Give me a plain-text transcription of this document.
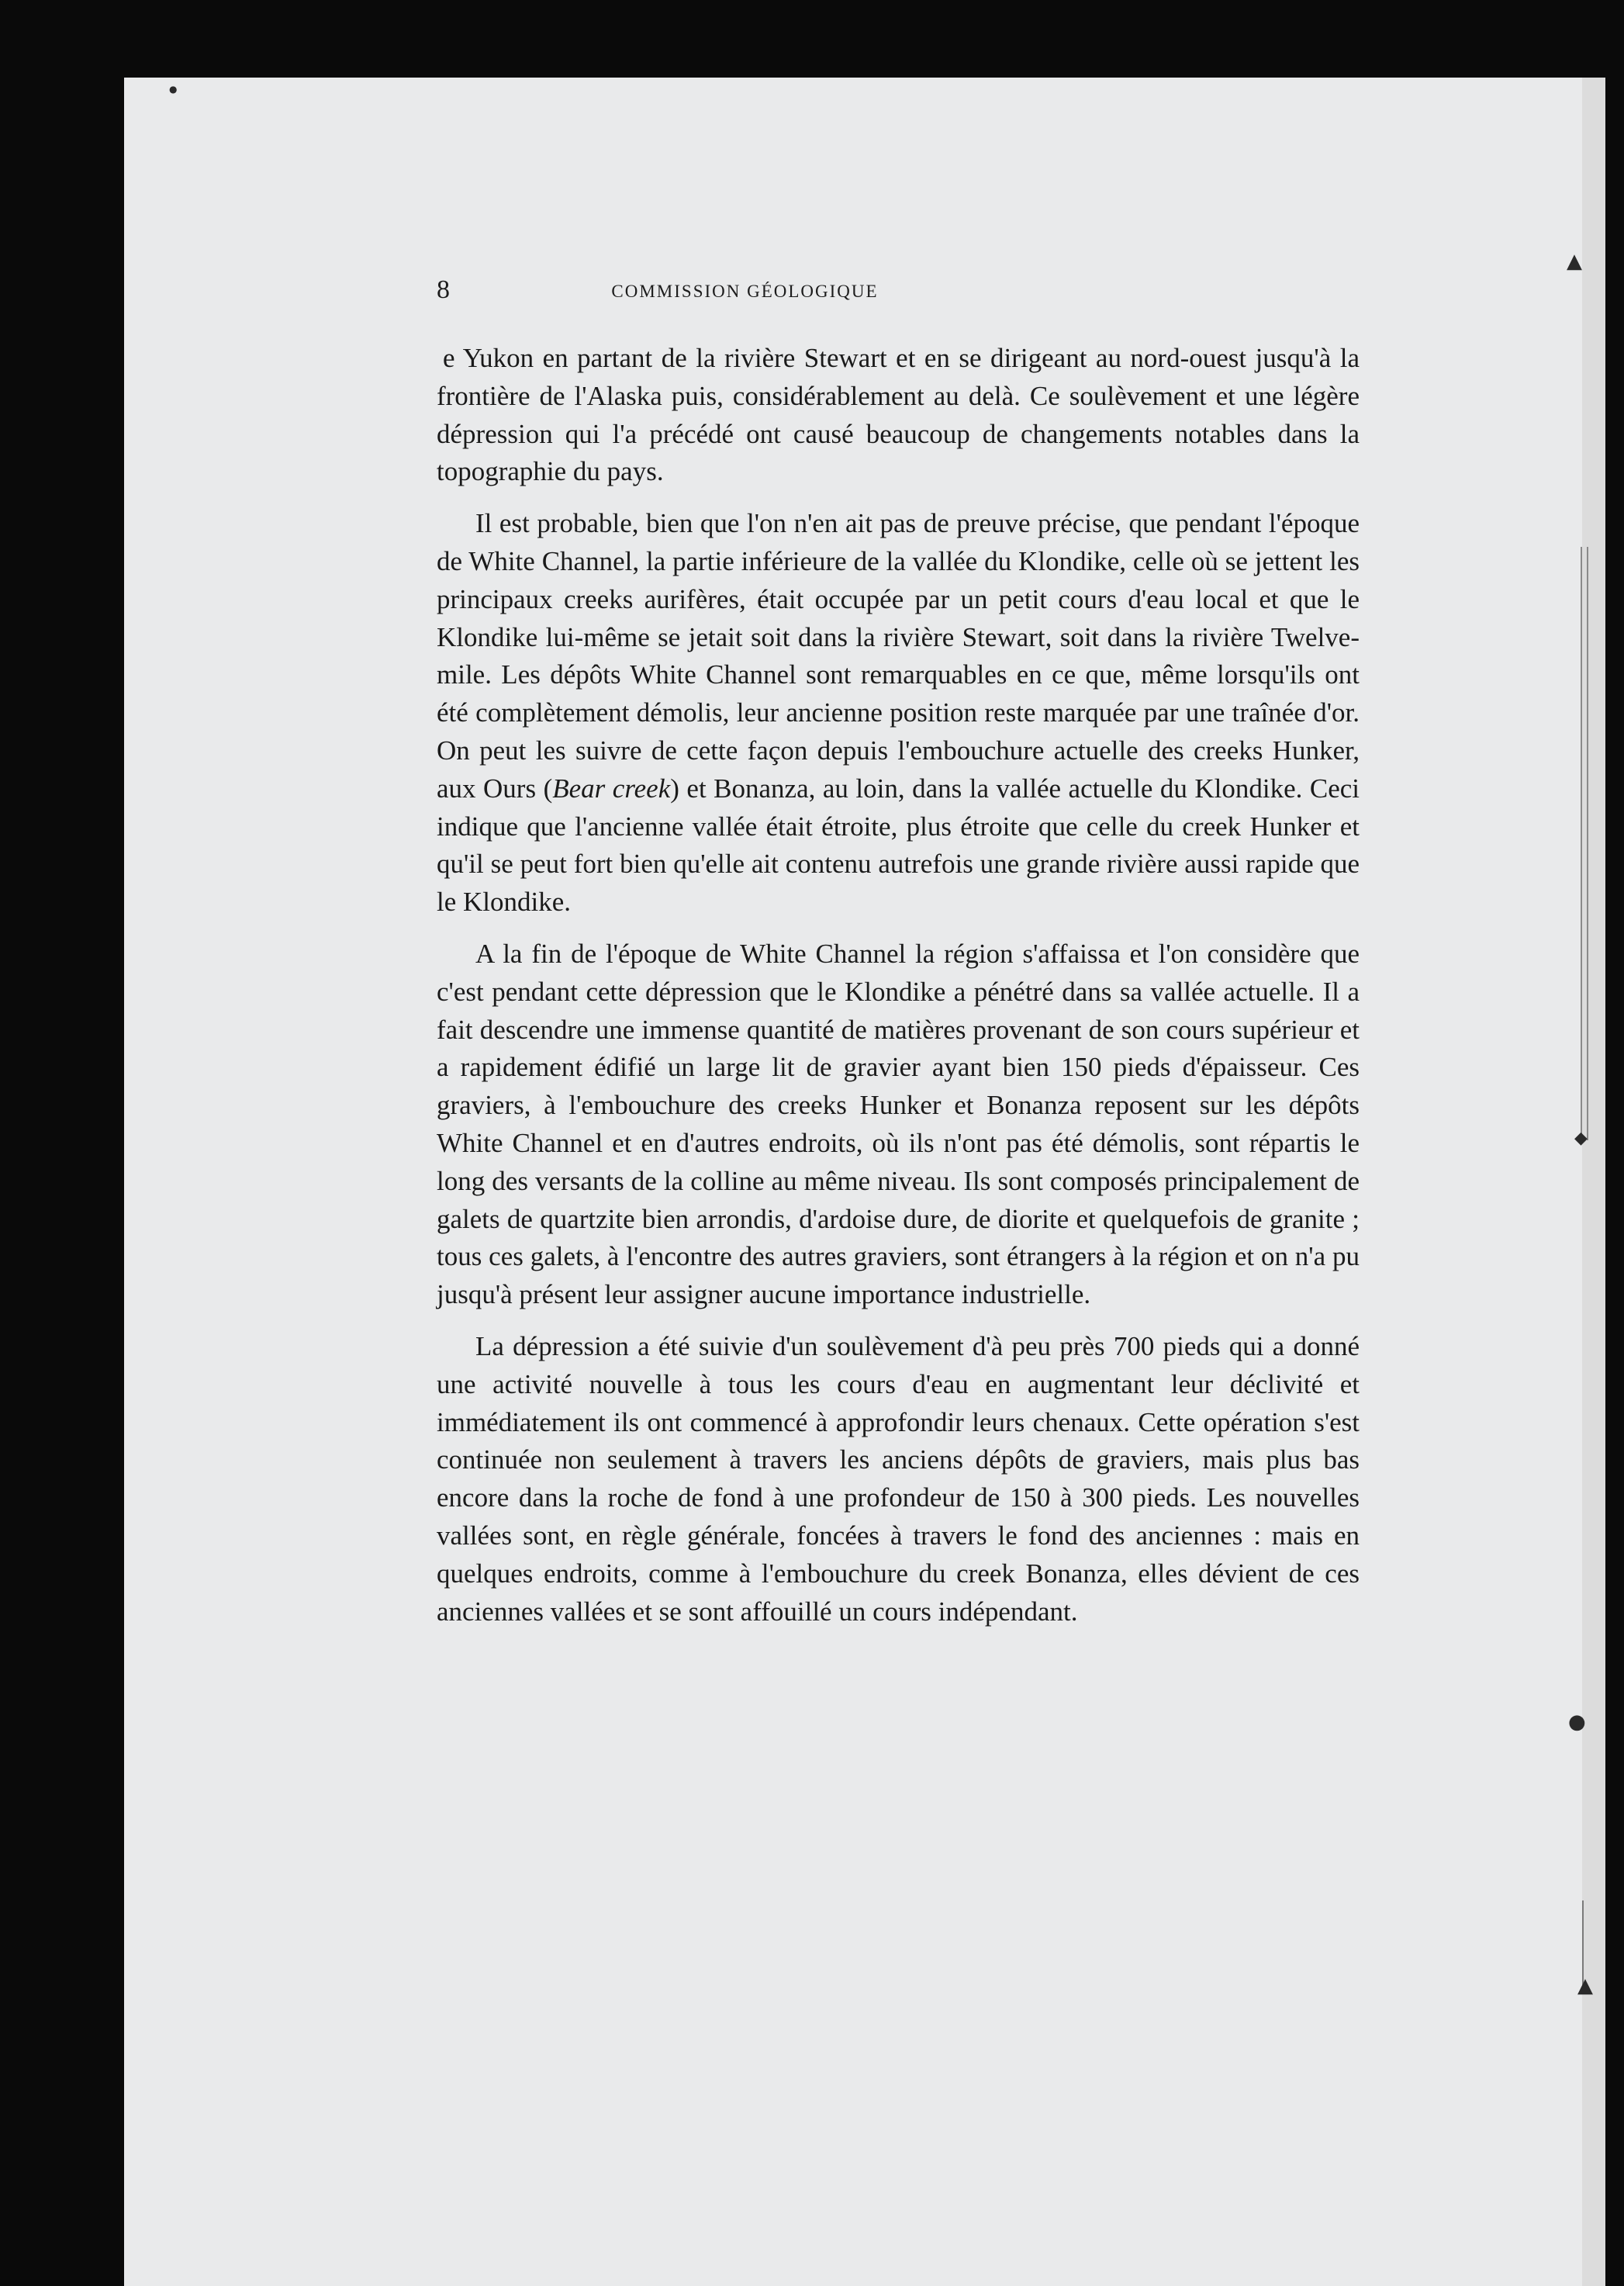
8	COMMISSION GÉOLOGIQUE

e Yukon en partant de la rivière Stewart et en se dirigeant au nord-ouest jusqu'à la frontière de l'Alaska puis, considérablement au delà. Ce soulèvement et une légère dépression qui l'a précédé ont causé beaucoup de changements notables dans la topographie du pays.

Il est probable, bien que l'on n'en ait pas de preuve précise, que pendant l'époque de White Channel, la partie inférieure de la vallée du Klondike, celle où se jettent les principaux creeks aurifères, était occupée par un petit cours d'eau local et que le Klondike lui-même se jetait soit dans la rivière Stewart, soit dans la rivière Twelve-mile. Les dépôts White Channel sont remarquables en ce que, même lorsqu'ils ont été complètement démolis, leur ancienne position reste marquée par une traînée d'or. On peut les suivre de cette façon depuis l'embouchure actuelle des creeks Hunker, aux Ours (Bear creek) et Bonanza, au loin, dans la vallée actuelle du Klondike. Ceci indique que l'ancienne vallée était étroite, plus étroite que celle du creek Hunker et qu'il se peut fort bien qu'elle ait contenu autrefois une grande rivière aussi rapide que le Klondike.

A la fin de l'époque de White Channel la région s'affaissa et l'on considère que c'est pendant cette dépression que le Klondike a pénétré dans sa vallée actuelle. Il a fait descendre une immense quantité de matières provenant de son cours supérieur et a rapidement édifié un large lit de gravier ayant bien 150 pieds d'épaisseur. Ces graviers, à l'embouchure des creeks Hunker et Bonanza reposent sur les dépôts White Channel et en d'autres endroits, où ils n'ont pas été démolis, sont répartis le long des versants de la colline au même niveau. Ils sont composés principalement de galets de quartzite bien arrondis, d'ardoise dure, de diorite et quelquefois de granite ; tous ces galets, à l'encontre des autres graviers, sont étrangers à la région et on n'a pu jusqu'à présent leur assigner aucune importance industrielle.

La dépression a été suivie d'un soulèvement d'à peu près 700 pieds qui a donné une activité nouvelle à tous les cours d'eau en augmentant leur déclivité et immédiatement ils ont commencé à approfondir leurs chenaux. Cette opération s'est continuée non seulement à travers les anciens dépôts de graviers, mais plus bas encore dans la roche de fond à une profondeur de 150 à 300 pieds. Les nouvelles vallées sont, en règle générale, foncées à travers le fond des anciennes : mais en quelques endroits, comme à l'embouchure du creek Bonanza, elles dévient de ces anciennes vallées et se sont affouillé un cours indépendant.

▲
◆
●
▲
●
